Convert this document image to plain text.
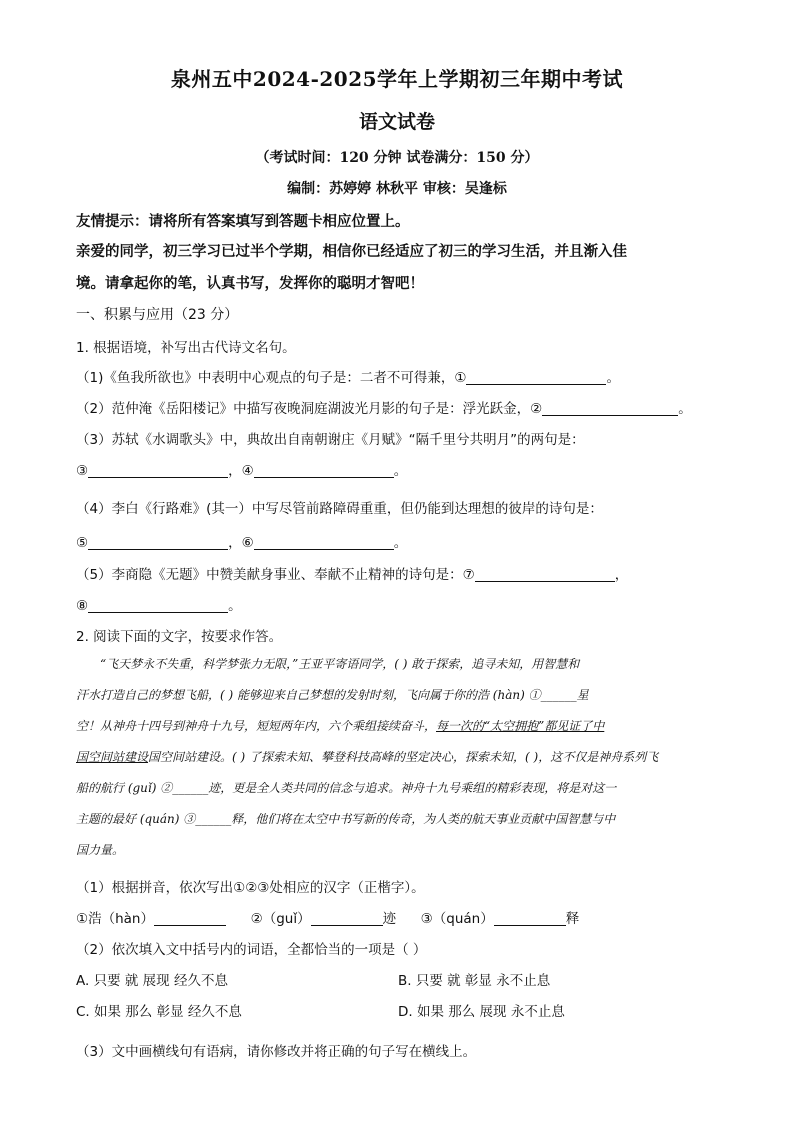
泉州五中2024-2025学年上学期初三年期中考试
语文试卷
（考试时间：120 分钟 试卷满分：150 分）
编制：苏婷婷 林秋平 审核：吴逢标
友情提示：请将所有答案填写到答题卡相应位置上。
亲爱的同学，初三学习已过半个学期，相信你已经适应了初三的学习生活，并且渐入佳
境。请拿起你的笔，认真书写，发挥你的聪明才智吧！
一、积累与应用（23 分）
1. 根据语境，补写出古代诗文名句。
（1)《鱼我所欲也》中表明中心观点的句子是：二者不可得兼，①	。
（2）范仲淹《岳阳楼记》中描写夜晚洞庭湖波光月影的句子是：浮光跃金，②	。
（3）苏轼《水调歌头》中，典故出自南朝谢庄《月赋》“隔千里兮共明月”的两句是：
③	，④	。
（4）李白《行路难》(其一）中写尽管前路障碍重重，但仍能到达理想的彼岸的诗句是：
⑤	，⑥	。
（5）李商隐《无题》中赞美献身事业、奉献不止精神的诗句是：⑦	，
⑧	。
2. 阅读下面的文字，按要求作答。

“飞天梦永不失重，科学梦张力无限，”王亚平寄语同学，( ) 敢于探索，追寻未知，用智慧和

汗水打造自己的梦想飞船，( ) 能够迎来自己梦想的发射时刻，飞向属于你的浩 (hàn) ①______星

空！从神舟十四号到神舟十九号，短短两年内，六个乘组接续奋斗，每一次的“太空拥抱”都见证了中

国空间站建设国空间站建设。( ) 了探索未知、攀登科技高峰的坚定决心，探索未知，( )，这不仅是神舟系列飞

船的航行 (guǐ) ②______迹，更是全人类共同的信念与追求。神舟十九号乘组的精彩表现，将是对这一

主题的最好 (quán) ③______释，他们将在太空中书写新的传奇，为人类的航天事业贡献中国智慧与中

国力量。

（1）根据拼音，依次写出①②③处相应的汉字（正楷字）。
①浩（hàn）	②（guǐ）	迹 ③（quán）	释
（2）依次填入文中括号内的词语，全都恰当的一项是（ ）
A. 只要 就 展现 经久不息	B. 只要 就 彰显 永不止息
C. 如果 那么 彰显 经久不息	D. 如果 那么 展现 永不止息
（3）文中画横线句有语病，请你修改并将正确的句子写在横线上。
